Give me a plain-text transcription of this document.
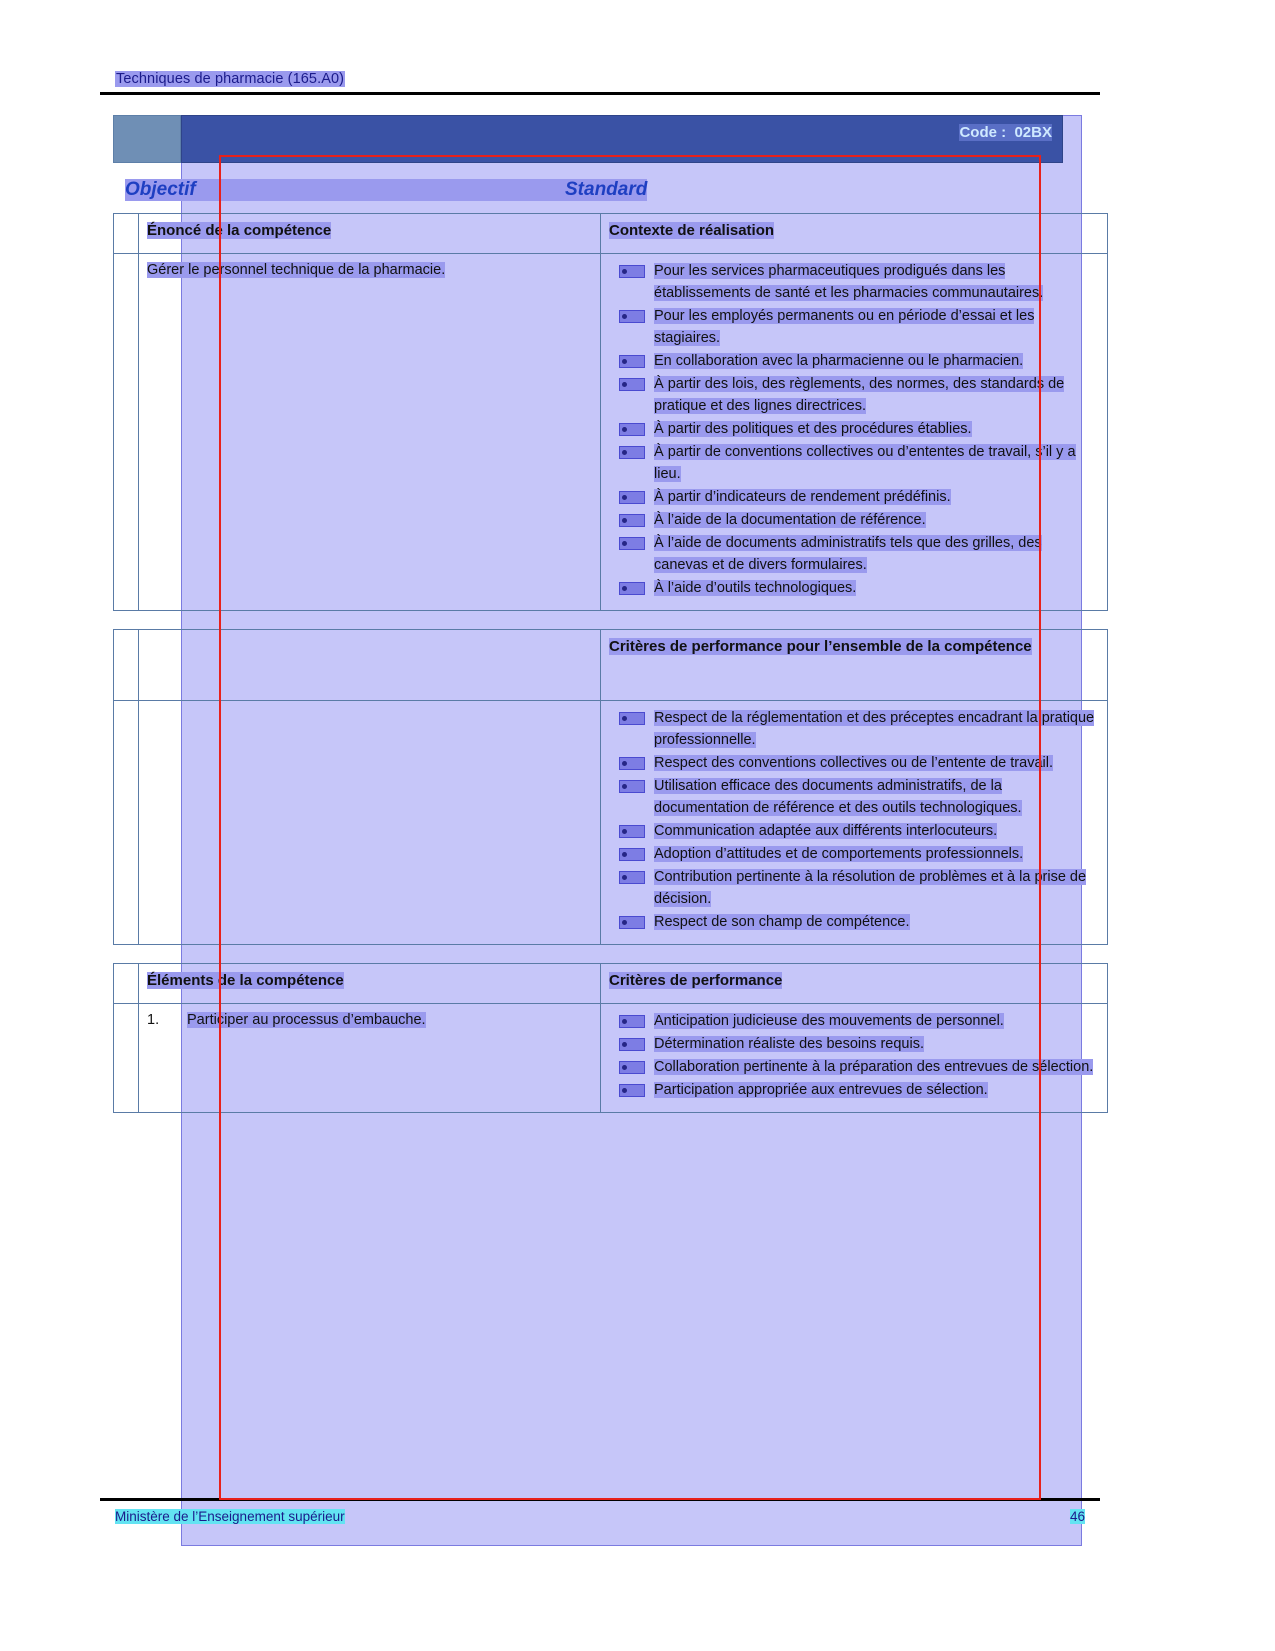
Techniques de pharmacie (165.A0)
Code : 02BX
Objectif	Standard
	Énoncé de la compétence	Contexte de réalisation
	Gérer le personnel technique de la pharmacie.	Pour les services pharmaceutiques prodigués dans les établissements de santé et les pharmacies communautaires.
Pour les employés permanents ou en période d’essai et les stagiaires.
En collaboration avec la pharmacienne ou le pharmacien.
À partir des lois, des règlements, des normes, des standards de pratique et des lignes directrices.
À partir des politiques et des procédures établies.
À partir de conventions collectives ou d’ententes de travail, s’il y a lieu.
À partir d’indicateurs de rendement prédéfinis.
À l’aide de la documentation de référence.
À l’aide de documents administratifs tels que des grilles, des canevas et de divers formulaires.
À l’aide d’outils technologiques.
		Critères de performance pour l’ensemble de la compétence

Respect de la réglementation et des préceptes encadrant la pratique professionnelle.
Respect des conventions collectives ou de l’entente de travail.
Utilisation efficace des documents administratifs, de la documentation de référence et des outils technologiques.
Communication adaptée aux différents interlocuteurs.
Adoption d’attitudes et de comportements professionnels.
Contribution pertinente à la résolution de problèmes et à la prise de décision.
Respect de son champ de compétence.
	Éléments de la compétence	Critères de performance

1. Participer au processus d’embauche.	Anticipation judicieuse des mouvements de personnel.
Détermination réaliste des besoins requis.
Collaboration pertinente à la préparation des entrevues de sélection.
Participation appropriée aux entrevues de sélection.
Ministère de l’Enseignement supérieur	46
